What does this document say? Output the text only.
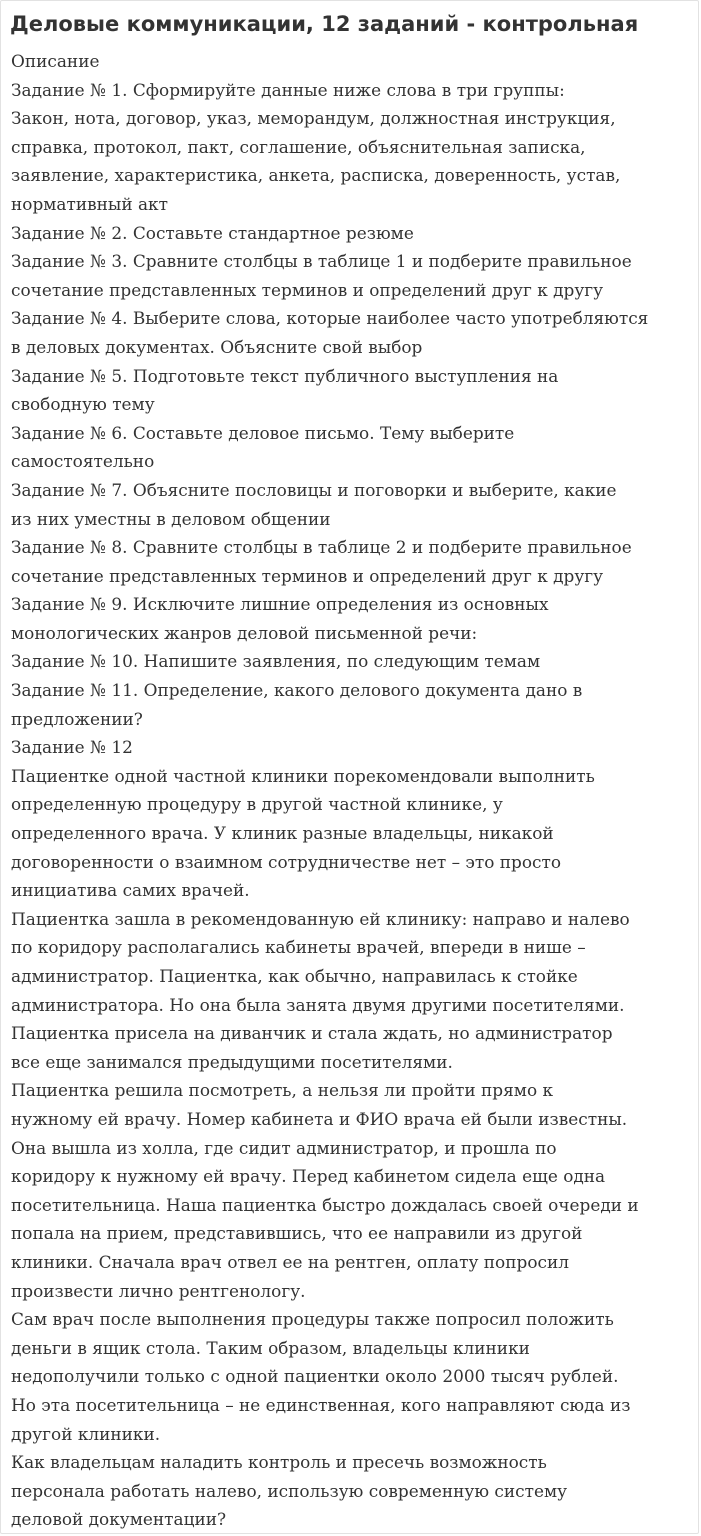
Деловые коммуникации, 12 заданий - контрольная
Описание
Задание № 1. Сформируйте данные ниже слова в три группы:
Закон, нота, договор, указ, меморандум, должностная инструкция,
справка, протокол, пакт, соглашение, объяснительная записка,
заявление, характеристика, анкета, расписка, доверенность, устав,
нормативный акт
Задание № 2. Составьте стандартное резюме
Задание № 3. Сравните столбцы в таблице 1 и подберите правильное
сочетание представленных терминов и определений друг к другу
Задание № 4. Выберите слова, которые наиболее часто употребляются
в деловых документах. Объясните свой выбор
Задание № 5. Подготовьте текст публичного выступления на
свободную тему
Задание № 6. Составьте деловое письмо. Тему выберите
самостоятельно
Задание № 7. Объясните пословицы и поговорки и выберите, какие
из них уместны в деловом общении
Задание № 8. Сравните столбцы в таблице 2 и подберите правильное
сочетание представленных терминов и определений друг к другу
Задание № 9. Исключите лишние определения из основных
монологических жанров деловой письменной речи:
Задание № 10. Напишите заявления, по следующим темам
Задание № 11. Определение, какого делового документа дано в
предложении?
Задание № 12
Пациентке одной частной клиники порекомендовали выполнить
определенную процедуру в другой частной клинике, у
определенного врача. У клиник разные владельцы, никакой
договоренности о взаимном сотрудничестве нет – это просто
инициатива самих врачей.
Пациентка зашла в рекомендованную ей клинику: направо и налево
по коридору располагались кабинеты врачей, впереди в нише –
администратор. Пациентка, как обычно, направилась к стойке
администратора. Но она была занята двумя другими посетителями.
Пациентка присела на диванчик и стала ждать, но администратор
все еще занимался предыдущими посетителями.
Пациентка решила посмотреть, а нельзя ли пройти прямо к
нужному ей врачу. Номер кабинета и ФИО врача ей были известны.
Она вышла из холла, где сидит администратор, и прошла по
коридору к нужному ей врачу. Перед кабинетом сидела еще одна
посетительница. Наша пациентка быстро дождалась своей очереди и
попала на прием, представившись, что ее направили из другой
клиники. Сначала врач отвел ее на рентген, оплату попросил
произвести лично рентгенологу.
Сам врач после выполнения процедуры также попросил положить
деньги в ящик стола. Таким образом, владельцы клиники
недополучили только с одной пациентки около 2000 тысяч рублей.
Но эта посетительница – не единственная, кого направляют сюда из
другой клиники.
Как владельцам наладить контроль и пресечь возможность
персонала работать налево, использую современную систему
деловой документации?
